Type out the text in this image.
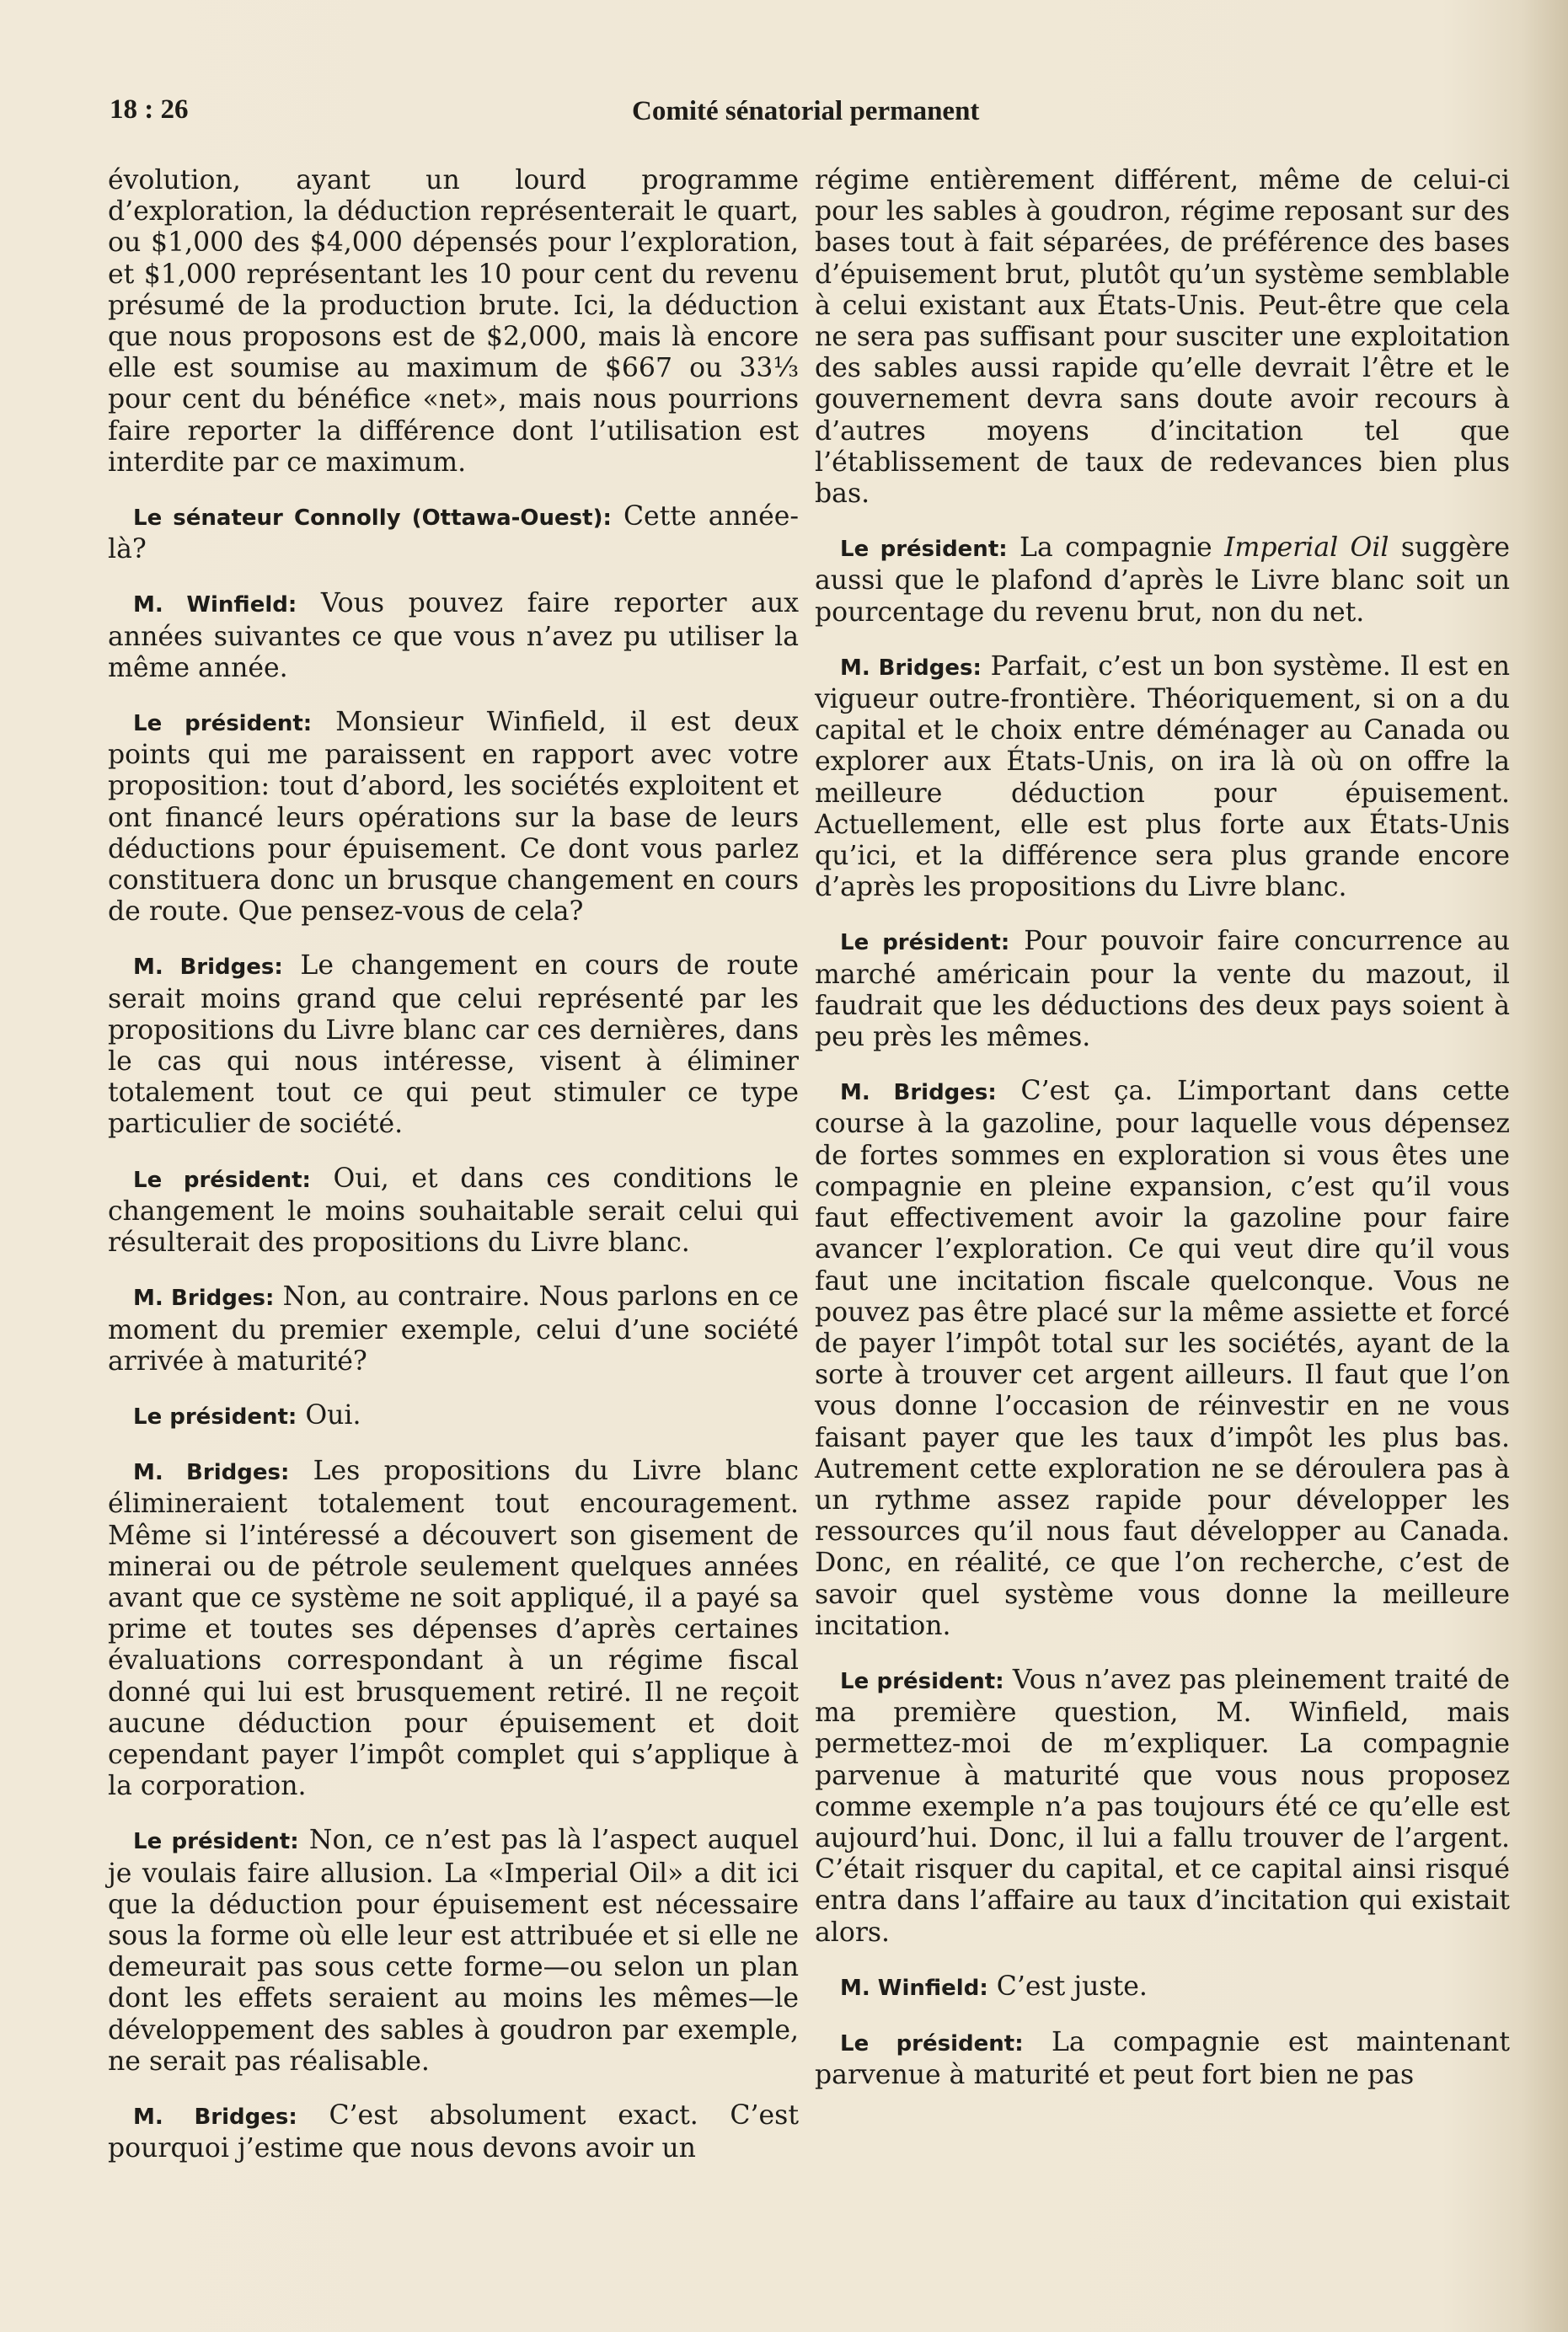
18 : 26	Comité sénatorial permanent

évolution, ayant un lourd programme d’exploration, la déduction représenterait le quart, ou $1,000 des $4,000 dépensés pour l’exploration, et $1,000 représentant les 10 pour cent du revenu présumé de la production brute. Ici, la déduction que nous proposons est de $2,000, mais là encore elle est soumise au maximum de $667 ou 33⅓ pour cent du bénéfice «net», mais nous pourrions faire reporter la différence dont l’utilisation est interdite par ce maximum.

Le sénateur Connolly (Ottawa-Ouest): Cette année-là?

M. Winfield: Vous pouvez faire reporter aux années suivantes ce que vous n’avez pu utiliser la même année.

Le président: Monsieur Winfield, il est deux points qui me paraissent en rapport avec votre proposition: tout d’abord, les sociétés exploitent et ont financé leurs opérations sur la base de leurs déductions pour épuisement. Ce dont vous parlez constituera donc un brusque changement en cours de route. Que pensez-vous de cela?

M. Bridges: Le changement en cours de route serait moins grand que celui représenté par les propositions du Livre blanc car ces dernières, dans le cas qui nous intéresse, visent à éliminer totalement tout ce qui peut stimuler ce type particulier de société.

Le président: Oui, et dans ces conditions le changement le moins souhaitable serait celui qui résulterait des propositions du Livre blanc.

M. Bridges: Non, au contraire. Nous parlons en ce moment du premier exemple, celui d’une société arrivée à maturité?

Le président: Oui.

M. Bridges: Les propositions du Livre blanc élimineraient totalement tout encouragement. Même si l’intéressé a découvert son gisement de minerai ou de pétrole seulement quelques années avant que ce système ne soit appliqué, il a payé sa prime et toutes ses dépenses d’après certaines évaluations correspondant à un régime fiscal donné qui lui est brusquement retiré. Il ne reçoit aucune déduction pour épuisement et doit cependant payer l’impôt complet qui s’applique à la corporation.

Le président: Non, ce n’est pas là l’aspect auquel je voulais faire allusion. La «Imperial Oil» a dit ici que la déduction pour épuisement est nécessaire sous la forme où elle leur est attribuée et si elle ne demeurait pas sous cette forme—ou selon un plan dont les effets seraient au moins les mêmes—le développement des sables à goudron par exemple, ne serait pas réalisable.

M. Bridges: C’est absolument exact. C’est pourquoi j’estime que nous devons avoir un

régime entièrement différent, même de celui-ci pour les sables à goudron, régime reposant sur des bases tout à fait séparées, de préférence des bases d’épuisement brut, plutôt qu’un système semblable à celui existant aux États-Unis. Peut-être que cela ne sera pas suffisant pour susciter une exploitation des sables aussi rapide qu’elle devrait l’être et le gouvernement devra sans doute avoir recours à d’autres moyens d’incitation tel que l’établissement de taux de redevances bien plus bas.

Le président: La compagnie Imperial Oil suggère aussi que le plafond d’après le Livre blanc soit un pourcentage du revenu brut, non du net.

M. Bridges: Parfait, c’est un bon système. Il est en vigueur outre-frontière. Théoriquement, si on a du capital et le choix entre déménager au Canada ou explorer aux États-Unis, on ira là où on offre la meilleure déduction pour épuisement. Actuellement, elle est plus forte aux États-Unis qu’ici, et la différence sera plus grande encore d’après les propositions du Livre blanc.

Le président: Pour pouvoir faire concurrence au marché américain pour la vente du mazout, il faudrait que les déductions des deux pays soient à peu près les mêmes.

M. Bridges: C’est ça. L’important dans cette course à la gazoline, pour laquelle vous dépensez de fortes sommes en exploration si vous êtes une compagnie en pleine expansion, c’est qu’il vous faut effectivement avoir la gazoline pour faire avancer l’exploration. Ce qui veut dire qu’il vous faut une incitation fiscale quelconque. Vous ne pouvez pas être placé sur la même assiette et forcé de payer l’impôt total sur les sociétés, ayant de la sorte à trouver cet argent ailleurs. Il faut que l’on vous donne l’occasion de réinvestir en ne vous faisant payer que les taux d’impôt les plus bas. Autrement cette exploration ne se déroulera pas à un rythme assez rapide pour développer les ressources qu’il nous faut développer au Canada. Donc, en réalité, ce que l’on recherche, c’est de savoir quel système vous donne la meilleure incitation.

Le président: Vous n’avez pas pleinement traité de ma première question, M. Winfield, mais permettez-moi de m’expliquer. La compagnie parvenue à maturité que vous nous proposez comme exemple n’a pas toujours été ce qu’elle est aujourd’hui. Donc, il lui a fallu trouver de l’argent. C’était risquer du capital, et ce capital ainsi risqué entra dans l’affaire au taux d’incitation qui existait alors.

M. Winfield: C’est juste.

Le président: La compagnie est maintenant parvenue à maturité et peut fort bien ne pas
